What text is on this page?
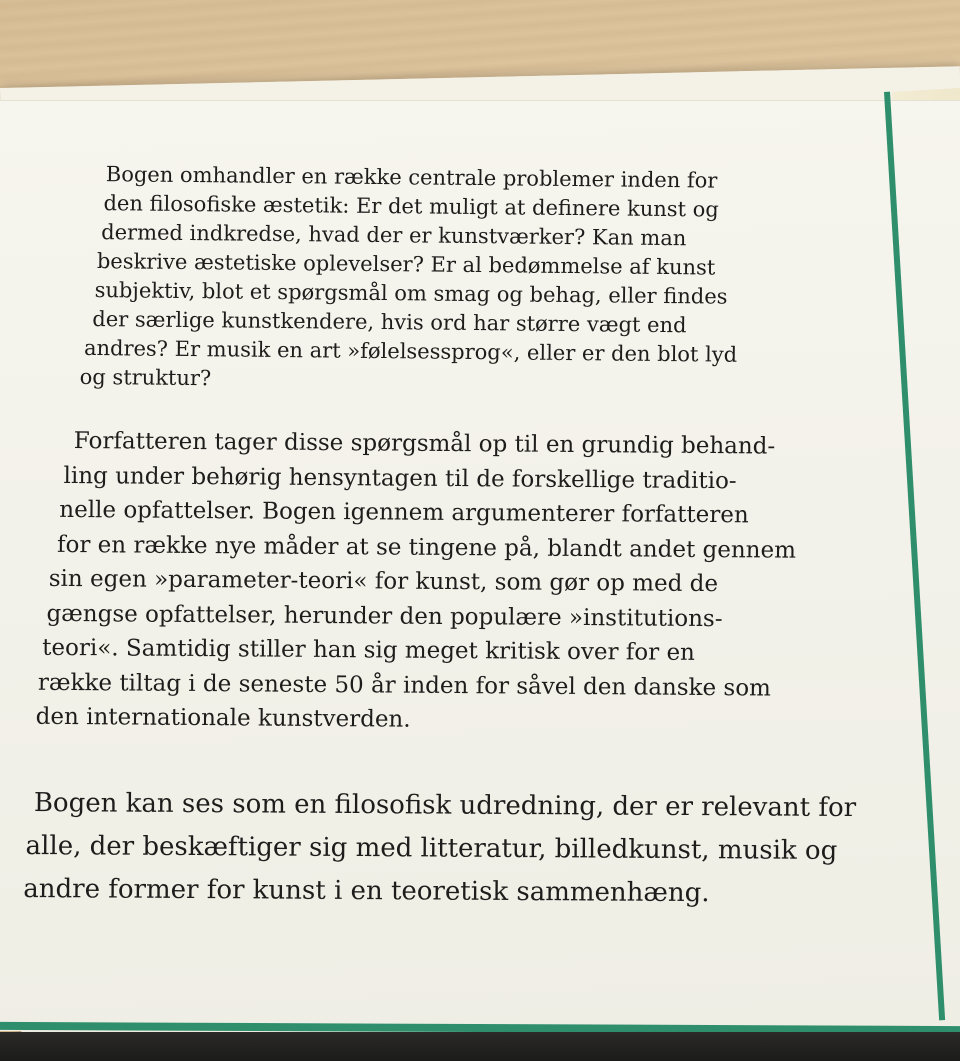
Bogen omhandler en række centrale problemer inden for
den filosofiske æstetik: Er det muligt at definere kunst og
dermed indkredse, hvad der er kunstværker? Kan man
beskrive æstetiske oplevelser? Er al bedømmelse af kunst
subjektiv, blot et spørgsmål om smag og behag, eller findes
der særlige kunstkendere, hvis ord har større vægt end
andres? Er musik en art »følelsessprog«, eller er den blot lyd
og struktur?

Forfatteren tager disse spørgsmål op til en grundig behand-
ling under behørig hensyntagen til de forskellige traditio-
nelle opfattelser. Bogen igennem argumenterer forfatteren
for en række nye måder at se tingene på, blandt andet gennem
sin egen »parameter-teori« for kunst, som gør op med de
gængse opfattelser, herunder den populære »institutions-
teori«. Samtidig stiller han sig meget kritisk over for en
række tiltag i de seneste 50 år inden for såvel den danske som
den internationale kunstverden.

Bogen kan ses som en filosofisk udredning, der er relevant for
alle, der beskæftiger sig med litteratur, billedkunst, musik og
andre former for kunst i en teoretisk sammenhæng.
